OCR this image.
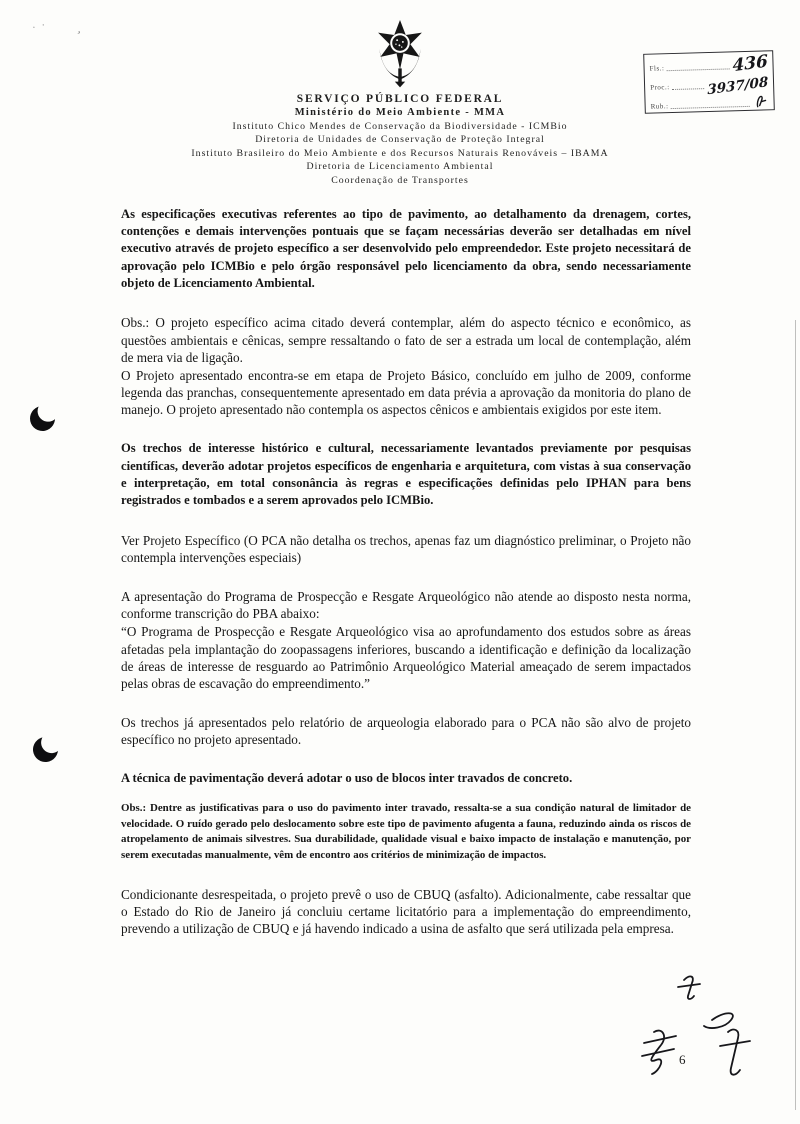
··
ʼ
Fls.:	436
Proc.:	3937/08
Rub.:
SERVIÇO PÚBLICO FEDERAL
Ministério do Meio Ambiente - MMA
Instituto Chico Mendes de Conservação da Biodiversidade - ICMBio
Diretoria de Unidades de Conservação de Proteção Integral
Instituto Brasileiro do Meio Ambiente e dos Recursos Naturais Renováveis – IBAMA
Diretoria de Licenciamento Ambiental
Coordenação de Transportes

As especificações executivas referentes ao tipo de pavimento, ao detalhamento da drenagem, cortes, contenções e demais intervenções pontuais que se façam necessárias deverão ser detalhadas em nível executivo através de projeto específico a ser desenvolvido pelo empreendedor. Este projeto necessitará de aprovação pelo ICMBio e pelo órgão responsável pelo licenciamento da obra, sendo necessariamente objeto de Licenciamento Ambiental.

Obs.: O projeto específico acima citado deverá contemplar, além do aspecto técnico e econômico, as questões ambientais e cênicas, sempre ressaltando o fato de ser a estrada um local de contemplação, além de mera via de ligação.

O Projeto apresentado encontra-se em etapa de Projeto Básico, concluído em julho de 2009, conforme legenda das pranchas, consequentemente apresentado em data prévia a aprovação da monitoria do plano de manejo. O projeto apresentado não contempla os aspectos cênicos e ambientais exigidos por este item.

Os trechos de interesse histórico e cultural, necessariamente levantados previamente por pesquisas científicas, deverão adotar projetos específicos de engenharia e arquitetura, com vistas à sua conservação e interpretação, em total consonância às regras e especificações definidas pelo IPHAN para bens registrados e tombados e a serem aprovados pelo ICMBio.

Ver Projeto Específico (O PCA não detalha os trechos, apenas faz um diagnóstico preliminar, o Projeto não contempla intervenções especiais)

A apresentação do Programa de Prospecção e Resgate Arqueológico não atende ao disposto nesta norma, conforme transcrição do PBA abaixo:

“O Programa de Prospecção e Resgate Arqueológico visa ao aprofundamento dos estudos sobre as áreas afetadas pela implantação do zoopassagens inferiores, buscando a identificação e definição da localização de áreas de interesse de resguardo ao Patrimônio Arqueológico Material ameaçado de serem impactados pelas obras de escavação do empreendimento.”

Os trechos já apresentados pelo relatório de arqueologia elaborado para o PCA não são alvo de projeto específico no projeto apresentado.

A técnica de pavimentação deverá adotar o uso de blocos inter travados de concreto.

Obs.: Dentre as justificativas para o uso do pavimento inter travado, ressalta-se a sua condição natural de limitador de velocidade. O ruído gerado pelo deslocamento sobre este tipo de pavimento afugenta a fauna, reduzindo ainda os riscos de atropelamento de animais silvestres. Sua durabilidade, qualidade visual e baixo impacto de instalação e manutenção, por serem executadas manualmente, vêm de encontro aos critérios de minimização de impactos.

Condicionante desrespeitada, o projeto prevê o uso de CBUQ (asfalto). Adicionalmente, cabe ressaltar que o Estado do Rio de Janeiro já concluiu certame licitatório para a implementação do empreendimento, prevendo a utilização de CBUQ e já havendo indicado a usina de asfalto que será utilizada pela empresa.

6
